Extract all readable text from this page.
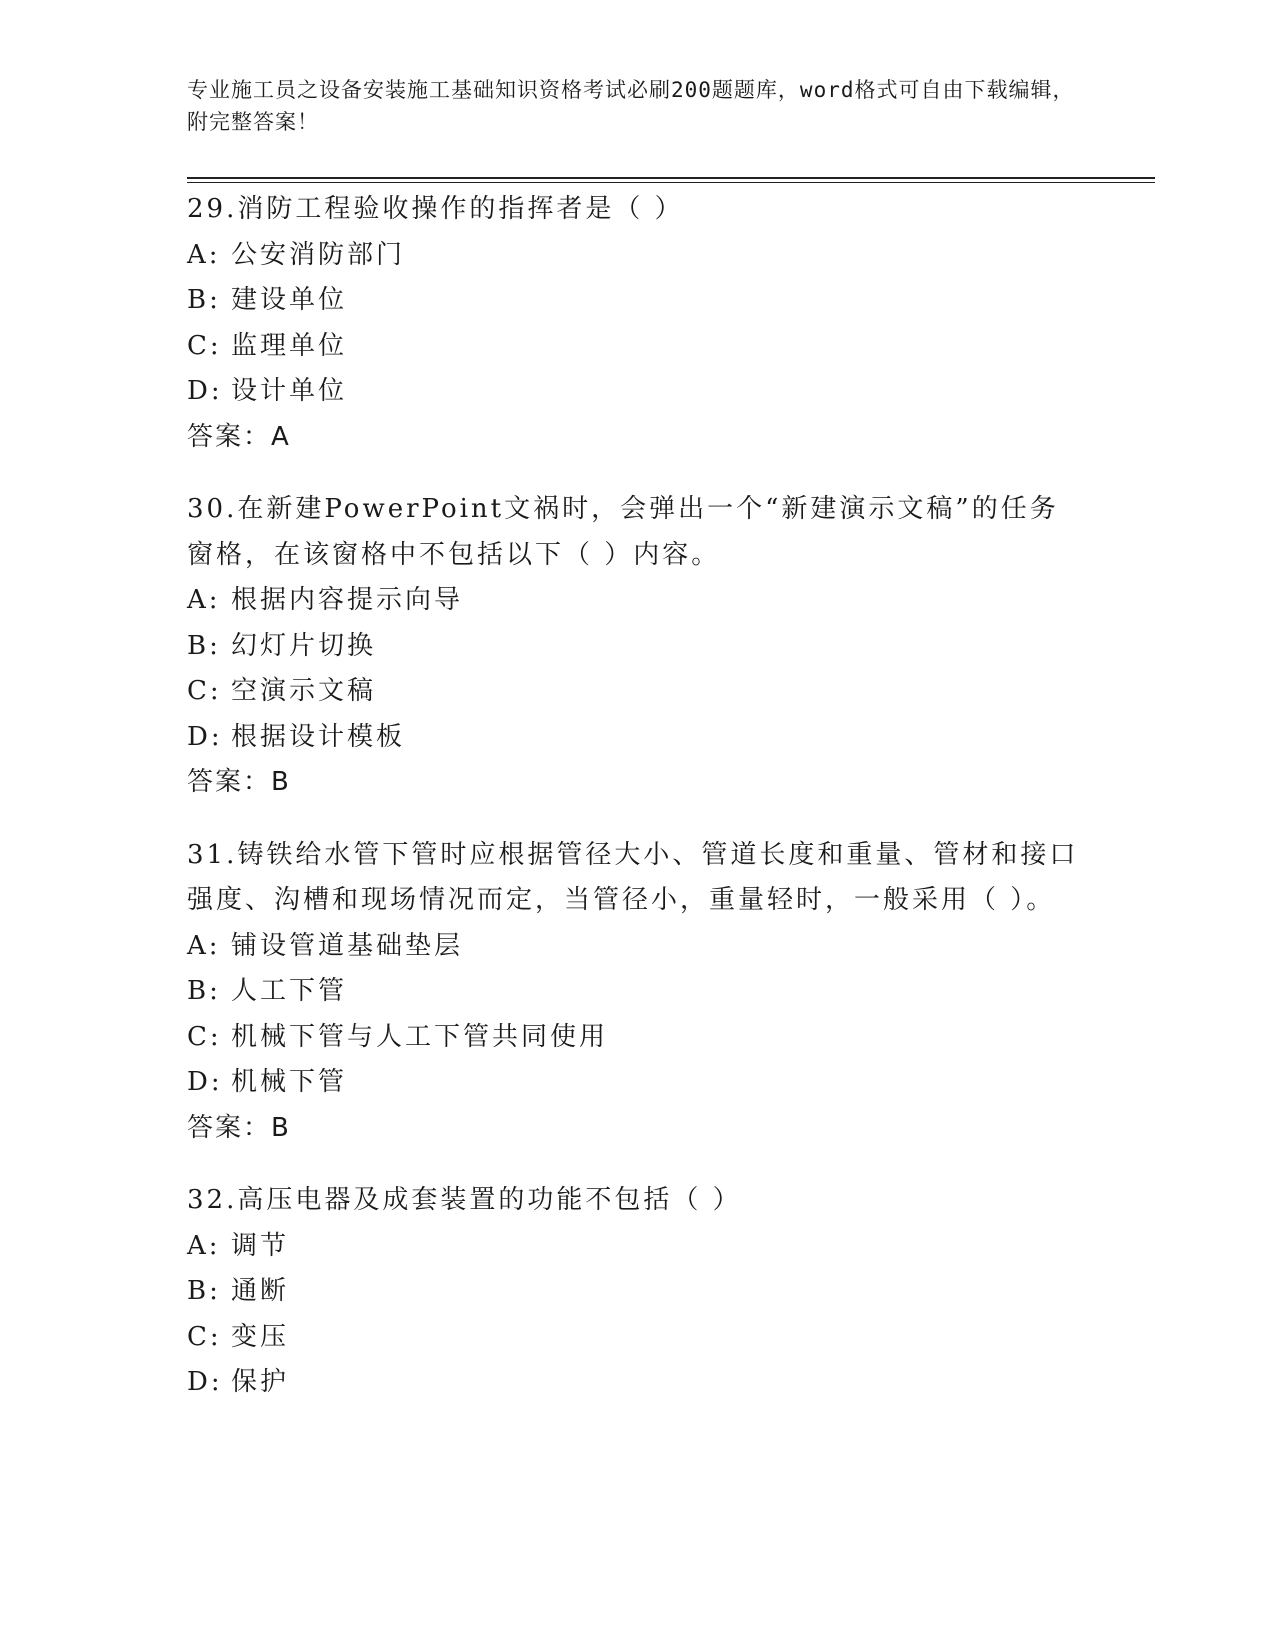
专业施工员之设备安装施工基础知识资格考试必刷200题题库，word格式可自由下载编辑，附完整答案！
29.消防工程验收操作的指挥者是（ ）
A: 公安消防部门
B: 建设单位
C: 监理单位
D: 设计单位
答案：A
30.在新建PowerPoint文祸时，会弹出一个“新建演示文稿”的任务窗格，在该窗格中不包括以下（ ）内容。
A: 根据内容提示向导
B: 幻灯片切换
C: 空演示文稿
D: 根据设计模板
答案：B
31.铸铁给水管下管时应根据管径大小、管道长度和重量、管材和接口强度、沟槽和现场情况而定，当管径小，重量轻时，一般采用（ ）。
A: 铺设管道基础垫层
B: 人工下管
C: 机械下管与人工下管共同使用
D: 机械下管
答案：B
32.高压电器及成套装置的功能不包括（ ）
A: 调节
B: 通断
C: 变压
D: 保护
